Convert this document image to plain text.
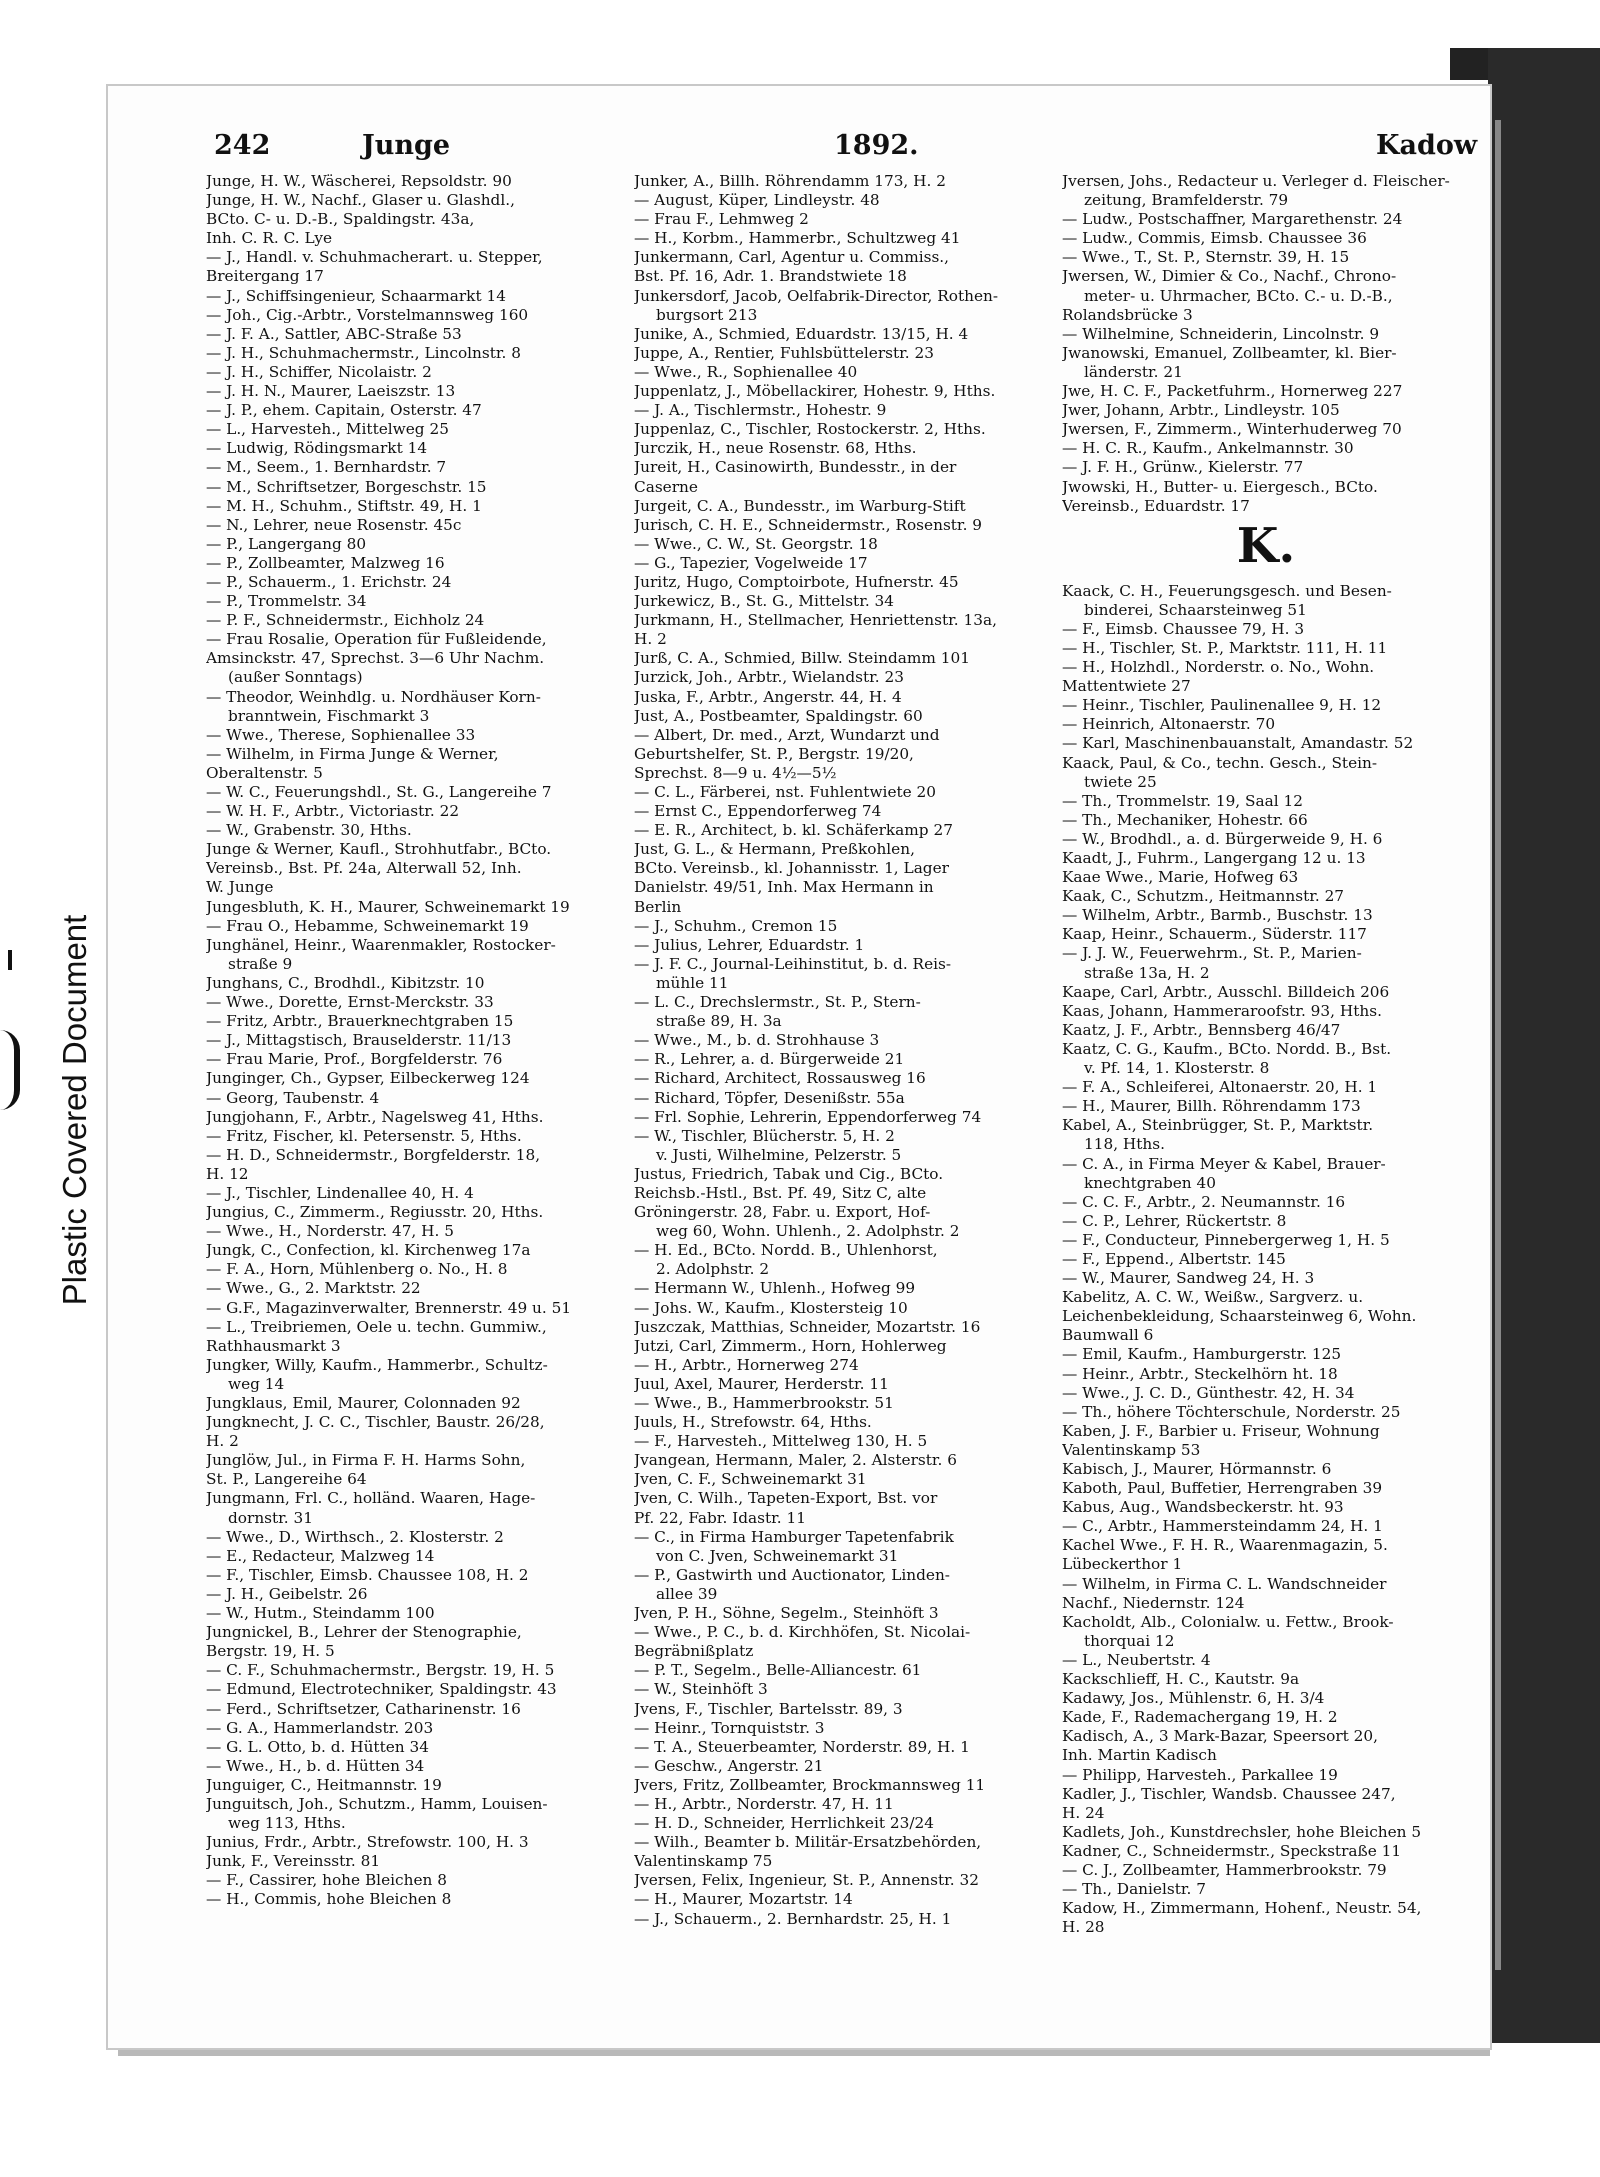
Plastic Covered Document
242	Junge	1892.	Kadow
Junge, H. W., Wäscherei, Repsoldstr. 90
Junge, H. W., Nachf., Glaser u. Glashdl.,
BCto. C- u. D.-B., Spaldingstr. 43a,
Inh. C. R. C. Lye
— J., Handl. v. Schuhmacherart. u. Stepper,
Breitergang 17
— J., Schiffsingenieur, Schaarmarkt 14
— Joh., Cig.-Arbtr., Vorstelmannsweg 160
— J. F. A., Sattler, ABC-Straße 53
— J. H., Schuhmachermstr., Lincolnstr. 8
— J. H., Schiffer, Nicolaistr. 2
— J. H. N., Maurer, Laeiszstr. 13
— J. P., ehem. Capitain, Osterstr. 47
— L., Harvesteh., Mittelweg 25
— Ludwig, Rödingsmarkt 14
— M., Seem., 1. Bernhardstr. 7
— M., Schriftsetzer, Borgeschstr. 15
— M. H., Schuhm., Stiftstr. 49, H. 1
— N., Lehrer, neue Rosenstr. 45c
— P., Langergang 80
— P., Zollbeamter, Malzweg 16
— P., Schauerm., 1. Erichstr. 24
— P., Trommelstr. 34
— P. F., Schneidermstr., Eichholz 24
— Frau Rosalie, Operation für Fußleidende,
Amsinckstr. 47, Sprechst. 3—6 Uhr Nachm.
(außer Sonntags)
— Theodor, Weinhdlg. u. Nordhäuser Korn-
branntwein, Fischmarkt 3
— Wwe., Therese, Sophienallee 33
— Wilhelm, in Firma Junge & Werner,
Oberaltenstr. 5
— W. C., Feuerungshdl., St. G., Langereihe 7
— W. H. F., Arbtr., Victoriastr. 22
— W., Grabenstr. 30, Hths.
Junge & Werner, Kaufl., Strohhutfabr., BCto.
Vereinsb., Bst. Pf. 24a, Alterwall 52, Inh.
W. Junge
Jungesbluth, K. H., Maurer, Schweinemarkt 19
— Frau O., Hebamme, Schweinemarkt 19
Junghänel, Heinr., Waarenmakler, Rostocker-
straße 9
Junghans, C., Brodhdl., Kibitzstr. 10
— Wwe., Dorette, Ernst-Merckstr. 33
— Fritz, Arbtr., Brauerknechtgraben 15
— J., Mittagstisch, Brauselderstr. 11/13
— Frau Marie, Prof., Borgfelderstr. 76
Junginger, Ch., Gypser, Eilbeckerweg 124
— Georg, Taubenstr. 4
Jungjohann, F., Arbtr., Nagelsweg 41, Hths.
— Fritz, Fischer, kl. Petersenstr. 5, Hths.
— H. D., Schneidermstr., Borgfelderstr. 18,
H. 12
— J., Tischler, Lindenallee 40, H. 4
Jungius, C., Zimmerm., Regiusstr. 20, Hths.
— Wwe., H., Norderstr. 47, H. 5
Jungk, C., Confection, kl. Kirchenweg 17a
— F. A., Horn, Mühlenberg o. No., H. 8
— Wwe., G., 2. Marktstr. 22
— G.F., Magazinverwalter, Brennerstr. 49 u. 51
— L., Treibriemen, Oele u. techn. Gummiw.,
Rathhausmarkt 3
Jungker, Willy, Kaufm., Hammerbr., Schultz-
weg 14
Jungklaus, Emil, Maurer, Colonnaden 92
Jungknecht, J. C. C., Tischler, Baustr. 26/28,
H. 2
Junglöw, Jul., in Firma F. H. Harms Sohn,
St. P., Langereihe 64
Jungmann, Frl. C., holländ. Waaren, Hage-
dornstr. 31
— Wwe., D., Wirthsch., 2. Klosterstr. 2
— E., Redacteur, Malzweg 14
— F., Tischler, Eimsb. Chaussee 108, H. 2
— J. H., Geibelstr. 26
— W., Hutm., Steindamm 100
Jungnickel, B., Lehrer der Stenographie,
Bergstr. 19, H. 5
— C. F., Schuhmachermstr., Bergstr. 19, H. 5
— Edmund, Electrotechniker, Spaldingstr. 43
— Ferd., Schriftsetzer, Catharinenstr. 16
— G. A., Hammerlandstr. 203
— G. L. Otto, b. d. Hütten 34
— Wwe., H., b. d. Hütten 34
Junguiger, C., Heitmannstr. 19
Junguitsch, Joh., Schutzm., Hamm, Louisen-
weg 113, Hths.
Junius, Frdr., Arbtr., Strefowstr. 100, H. 3
Junk, F., Vereinsstr. 81
— F., Cassirer, hohe Bleichen 8
— H., Commis, hohe Bleichen 8
Junker, A., Billh. Röhrendamm 173, H. 2
— August, Küper, Lindleystr. 48
— Frau F., Lehmweg 2
— H., Korbm., Hammerbr., Schultzweg 41
Junkermann, Carl, Agentur u. Commiss.,
Bst. Pf. 16, Adr. 1. Brandstwiete 18
Junkersdorf, Jacob, Oelfabrik-Director, Rothen-
burgsort 213
Junike, A., Schmied, Eduardstr. 13/15, H. 4
Juppe, A., Rentier, Fuhlsbüttelerstr. 23
— Wwe., R., Sophienallee 40
Juppenlatz, J., Möbellackirer, Hohestr. 9, Hths.
— J. A., Tischlermstr., Hohestr. 9
Juppenlaz, C., Tischler, Rostockerstr. 2, Hths.
Jurczik, H., neue Rosenstr. 68, Hths.
Jureit, H., Casinowirth, Bundesstr., in der
Caserne
Jurgeit, C. A., Bundesstr., im Warburg-Stift
Jurisch, C. H. E., Schneidermstr., Rosenstr. 9
— Wwe., C. W., St. Georgstr. 18
— G., Tapezier, Vogelweide 17
Juritz, Hugo, Comptoirbote, Hufnerstr. 45
Jurkewicz, B., St. G., Mittelstr. 34
Jurkmann, H., Stellmacher, Henriettenstr. 13a,
H. 2
Jurß, C. A., Schmied, Billw. Steindamm 101
Jurzick, Joh., Arbtr., Wielandstr. 23
Juska, F., Arbtr., Angerstr. 44, H. 4
Just, A., Postbeamter, Spaldingstr. 60
— Albert, Dr. med., Arzt, Wundarzt und
Geburtshelfer, St. P., Bergstr. 19/20,
Sprechst. 8—9 u. 4½—5½
— C. L., Färberei, nst. Fuhlentwiete 20
— Ernst C., Eppendorferweg 74
— E. R., Architect, b. kl. Schäferkamp 27
Just, G. L., & Hermann, Preßkohlen,
BCto. Vereinsb., kl. Johannisstr. 1, Lager
Danielstr. 49/51, Inh. Max Hermann in
Berlin
— J., Schuhm., Cremon 15
— Julius, Lehrer, Eduardstr. 1
— J. F. C., Journal-Leihinstitut, b. d. Reis-
mühle 11
— L. C., Drechslermstr., St. P., Stern-
straße 89, H. 3a
— Wwe., M., b. d. Strohhause 3
— R., Lehrer, a. d. Bürgerweide 21
— Richard, Architect, Rossausweg 16
— Richard, Töpfer, Desenißstr. 55a
— Frl. Sophie, Lehrerin, Eppendorferweg 74
— W., Tischler, Blücherstr. 5, H. 2
v. Justi, Wilhelmine, Pelzerstr. 5
Justus, Friedrich, Tabak und Cig., BCto.
Reichsb.-Hstl., Bst. Pf. 49, Sitz C, alte
Gröningerstr. 28, Fabr. u. Export, Hof-
weg 60, Wohn. Uhlenh., 2. Adolphstr. 2
— H. Ed., BCto. Nordd. B., Uhlenhorst,
2. Adolphstr. 2
— Hermann W., Uhlenh., Hofweg 99
— Johs. W., Kaufm., Klostersteig 10
Juszczak, Matthias, Schneider, Mozartstr. 16
Jutzi, Carl, Zimmerm., Horn, Hohlerweg
— H., Arbtr., Hornerweg 274
Juul, Axel, Maurer, Herderstr. 11
— Wwe., B., Hammerbrookstr. 51
Juuls, H., Strefowstr. 64, Hths.
— F., Harvesteh., Mittelweg 130, H. 5
Jvangean, Hermann, Maler, 2. Alsterstr. 6
Jven, C. F., Schweinemarkt 31
Jven, C. Wilh., Tapeten-Export, Bst. vor
Pf. 22, Fabr. Idastr. 11
— C., in Firma Hamburger Tapetenfabrik
von C. Jven, Schweinemarkt 31
— P., Gastwirth und Auctionator, Linden-
allee 39
Jven, P. H., Söhne, Segelm., Steinhöft 3
— Wwe., P. C., b. d. Kirchhöfen, St. Nicolai-
Begräbnißplatz
— P. T., Segelm., Belle-Alliancestr. 61
— W., Steinhöft 3
Jvens, F., Tischler, Bartelsstr. 89, 3
— Heinr., Tornquiststr. 3
— T. A., Steuerbeamter, Norderstr. 89, H. 1
— Geschw., Angerstr. 21
Jvers, Fritz, Zollbeamter, Brockmannsweg 11
— H., Arbtr., Norderstr. 47, H. 11
— H. D., Schneider, Herrlichkeit 23/24
— Wilh., Beamter b. Militär-Ersatzbehörden,
Valentinskamp 75
Jversen, Felix, Ingenieur, St. P., Annenstr. 32
— H., Maurer, Mozartstr. 14
— J., Schauerm., 2. Bernhardstr. 25, H. 1
Jversen, Johs., Redacteur u. Verleger d. Fleischer-
zeitung, Bramfelderstr. 79
— Ludw., Postschaffner, Margarethenstr. 24
— Ludw., Commis, Eimsb. Chaussee 36
— Wwe., T., St. P., Sternstr. 39, H. 15
Jwersen, W., Dimier & Co., Nachf., Chrono-
meter- u. Uhrmacher, BCto. C.- u. D.-B.,
Rolandsbrücke 3
— Wilhelmine, Schneiderin, Lincolnstr. 9
Jwanowski, Emanuel, Zollbeamter, kl. Bier-
länderstr. 21
Jwe, H. C. F., Packetfuhrm., Hornerweg 227
Jwer, Johann, Arbtr., Lindleystr. 105
Jwersen, F., Zimmerm., Winterhuderweg 70
— H. C. R., Kaufm., Ankelmannstr. 30
— J. F. H., Grünw., Kielerstr. 77
Jwowski, H., Butter- u. Eiergesch., BCto.
Vereinsb., Eduardstr. 17
K.
Kaack, C. H., Feuerungsgesch. und Besen-
binderei, Schaarsteinweg 51
— F., Eimsb. Chaussee 79, H. 3
— H., Tischler, St. P., Marktstr. 111, H. 11
— H., Holzhdl., Norderstr. o. No., Wohn.
Mattentwiete 27
— Heinr., Tischler, Paulinenallee 9, H. 12
— Heinrich, Altonaerstr. 70
— Karl, Maschinenbauanstalt, Amandastr. 52
Kaack, Paul, & Co., techn. Gesch., Stein-
twiete 25
— Th., Trommelstr. 19, Saal 12
— Th., Mechaniker, Hohestr. 66
— W., Brodhdl., a. d. Bürgerweide 9, H. 6
Kaadt, J., Fuhrm., Langergang 12 u. 13
Kaae Wwe., Marie, Hofweg 63
Kaak, C., Schutzm., Heitmannstr. 27
— Wilhelm, Arbtr., Barmb., Buschstr. 13
Kaap, Heinr., Schauerm., Süderstr. 117
— J. J. W., Feuerwehrm., St. P., Marien-
straße 13a, H. 2
Kaape, Carl, Arbtr., Ausschl. Billdeich 206
Kaas, Johann, Hammeraroofstr. 93, Hths.
Kaatz, J. F., Arbtr., Bennsberg 46/47
Kaatz, C. G., Kaufm., BCto. Nordd. B., Bst.
v. Pf. 14, 1. Klosterstr. 8
— F. A., Schleiferei, Altonaerstr. 20, H. 1
— H., Maurer, Billh. Röhrendamm 173
Kabel, A., Steinbrügger, St. P., Marktstr.
118, Hths.
— C. A., in Firma Meyer & Kabel, Brauer-
knechtgraben 40
— C. C. F., Arbtr., 2. Neumannstr. 16
— C. P., Lehrer, Rückertstr. 8
— F., Conducteur, Pinnebergerweg 1, H. 5
— F., Eppend., Albertstr. 145
— W., Maurer, Sandweg 24, H. 3
Kabelitz, A. C. W., Weißw., Sargverz. u.
Leichenbekleidung, Schaarsteinweg 6, Wohn.
Baumwall 6
— Emil, Kaufm., Hamburgerstr. 125
— Heinr., Arbtr., Steckelhörn ht. 18
— Wwe., J. C. D., Günthestr. 42, H. 34
— Th., höhere Töchterschule, Norderstr. 25
Kaben, J. F., Barbier u. Friseur, Wohnung
Valentinskamp 53
Kabisch, J., Maurer, Hörmannstr. 6
Kaboth, Paul, Buffetier, Herrengraben 39
Kabus, Aug., Wandsbeckerstr. ht. 93
— C., Arbtr., Hammersteindamm 24, H. 1
Kachel Wwe., F. H. R., Waarenmagazin, 5.
Lübeckerthor 1
— Wilhelm, in Firma C. L. Wandschneider
Nachf., Niedernstr. 124
Kacholdt, Alb., Colonialw. u. Fettw., Brook-
thorquai 12
— L., Neubertstr. 4
Kackschlieff, H. C., Kautstr. 9a
Kadawy, Jos., Mühlenstr. 6, H. 3/4
Kade, F., Rademachergang 19, H. 2
Kadisch, A., 3 Mark-Bazar, Speersort 20,
Inh. Martin Kadisch
— Philipp, Harvesteh., Parkallee 19
Kadler, J., Tischler, Wandsb. Chaussee 247,
H. 24
Kadlets, Joh., Kunstdrechsler, hohe Bleichen 5
Kadner, C., Schneidermstr., Speckstraße 11
— C. J., Zollbeamter, Hammerbrookstr. 79
— Th., Danielstr. 7
Kadow, H., Zimmermann, Hohenf., Neustr. 54,
H. 28
